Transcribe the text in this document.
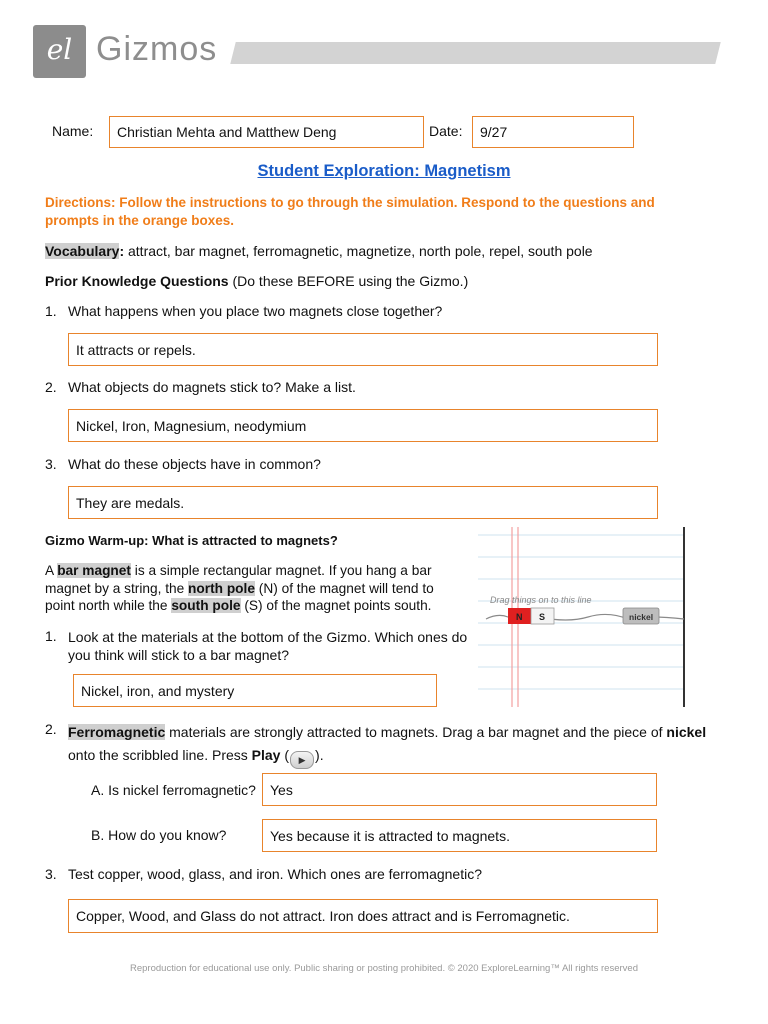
el Gizmos
Name:	Christian Mehta and Matthew Deng	Date:	9/27
Student Exploration: Magnetism
Directions: Follow the instructions to go through the simulation. Respond to the questions and prompts in the orange boxes.
Vocabulary: attract, bar magnet, ferromagnetic, magnetize, north pole, repel, south pole
Prior Knowledge Questions (Do these BEFORE using the Gizmo.)
1. What happens when you place two magnets close together?
It attracts or repels.
2. What objects do magnets stick to? Make a list.
Nickel, Iron, Magnesium, neodymium
3. What do these objects have in common?
They are medals.
Gizmo Warm-up: What is attracted to magnets?
A bar magnet is a simple rectangular magnet. If you hang a bar magnet by a string, the north pole (N) of the magnet will tend to point north while the south pole (S) of the magnet points south.	Drag things on to this line
N S	nickel
1. Look at the materials at the bottom of the Gizmo. Which ones do you think will stick to a bar magnet?
Nickel, iron, and mystery
2. Ferromagnetic materials are strongly attracted to magnets. Drag a bar magnet and the piece of nickel onto the scribbled line. Press Play ( ▶ ).
A. Is nickel ferromagnetic?	Yes
B. How do you know?	Yes because it is attracted to magnets.
3. Test copper, wood, glass, and iron. Which ones are ferromagnetic?
Copper, Wood, and Glass do not attract. Iron does attract and is Ferromagnetic.
Reproduction for educational use only. Public sharing or posting prohibited. © 2020 ExploreLearning™ All rights reserved
